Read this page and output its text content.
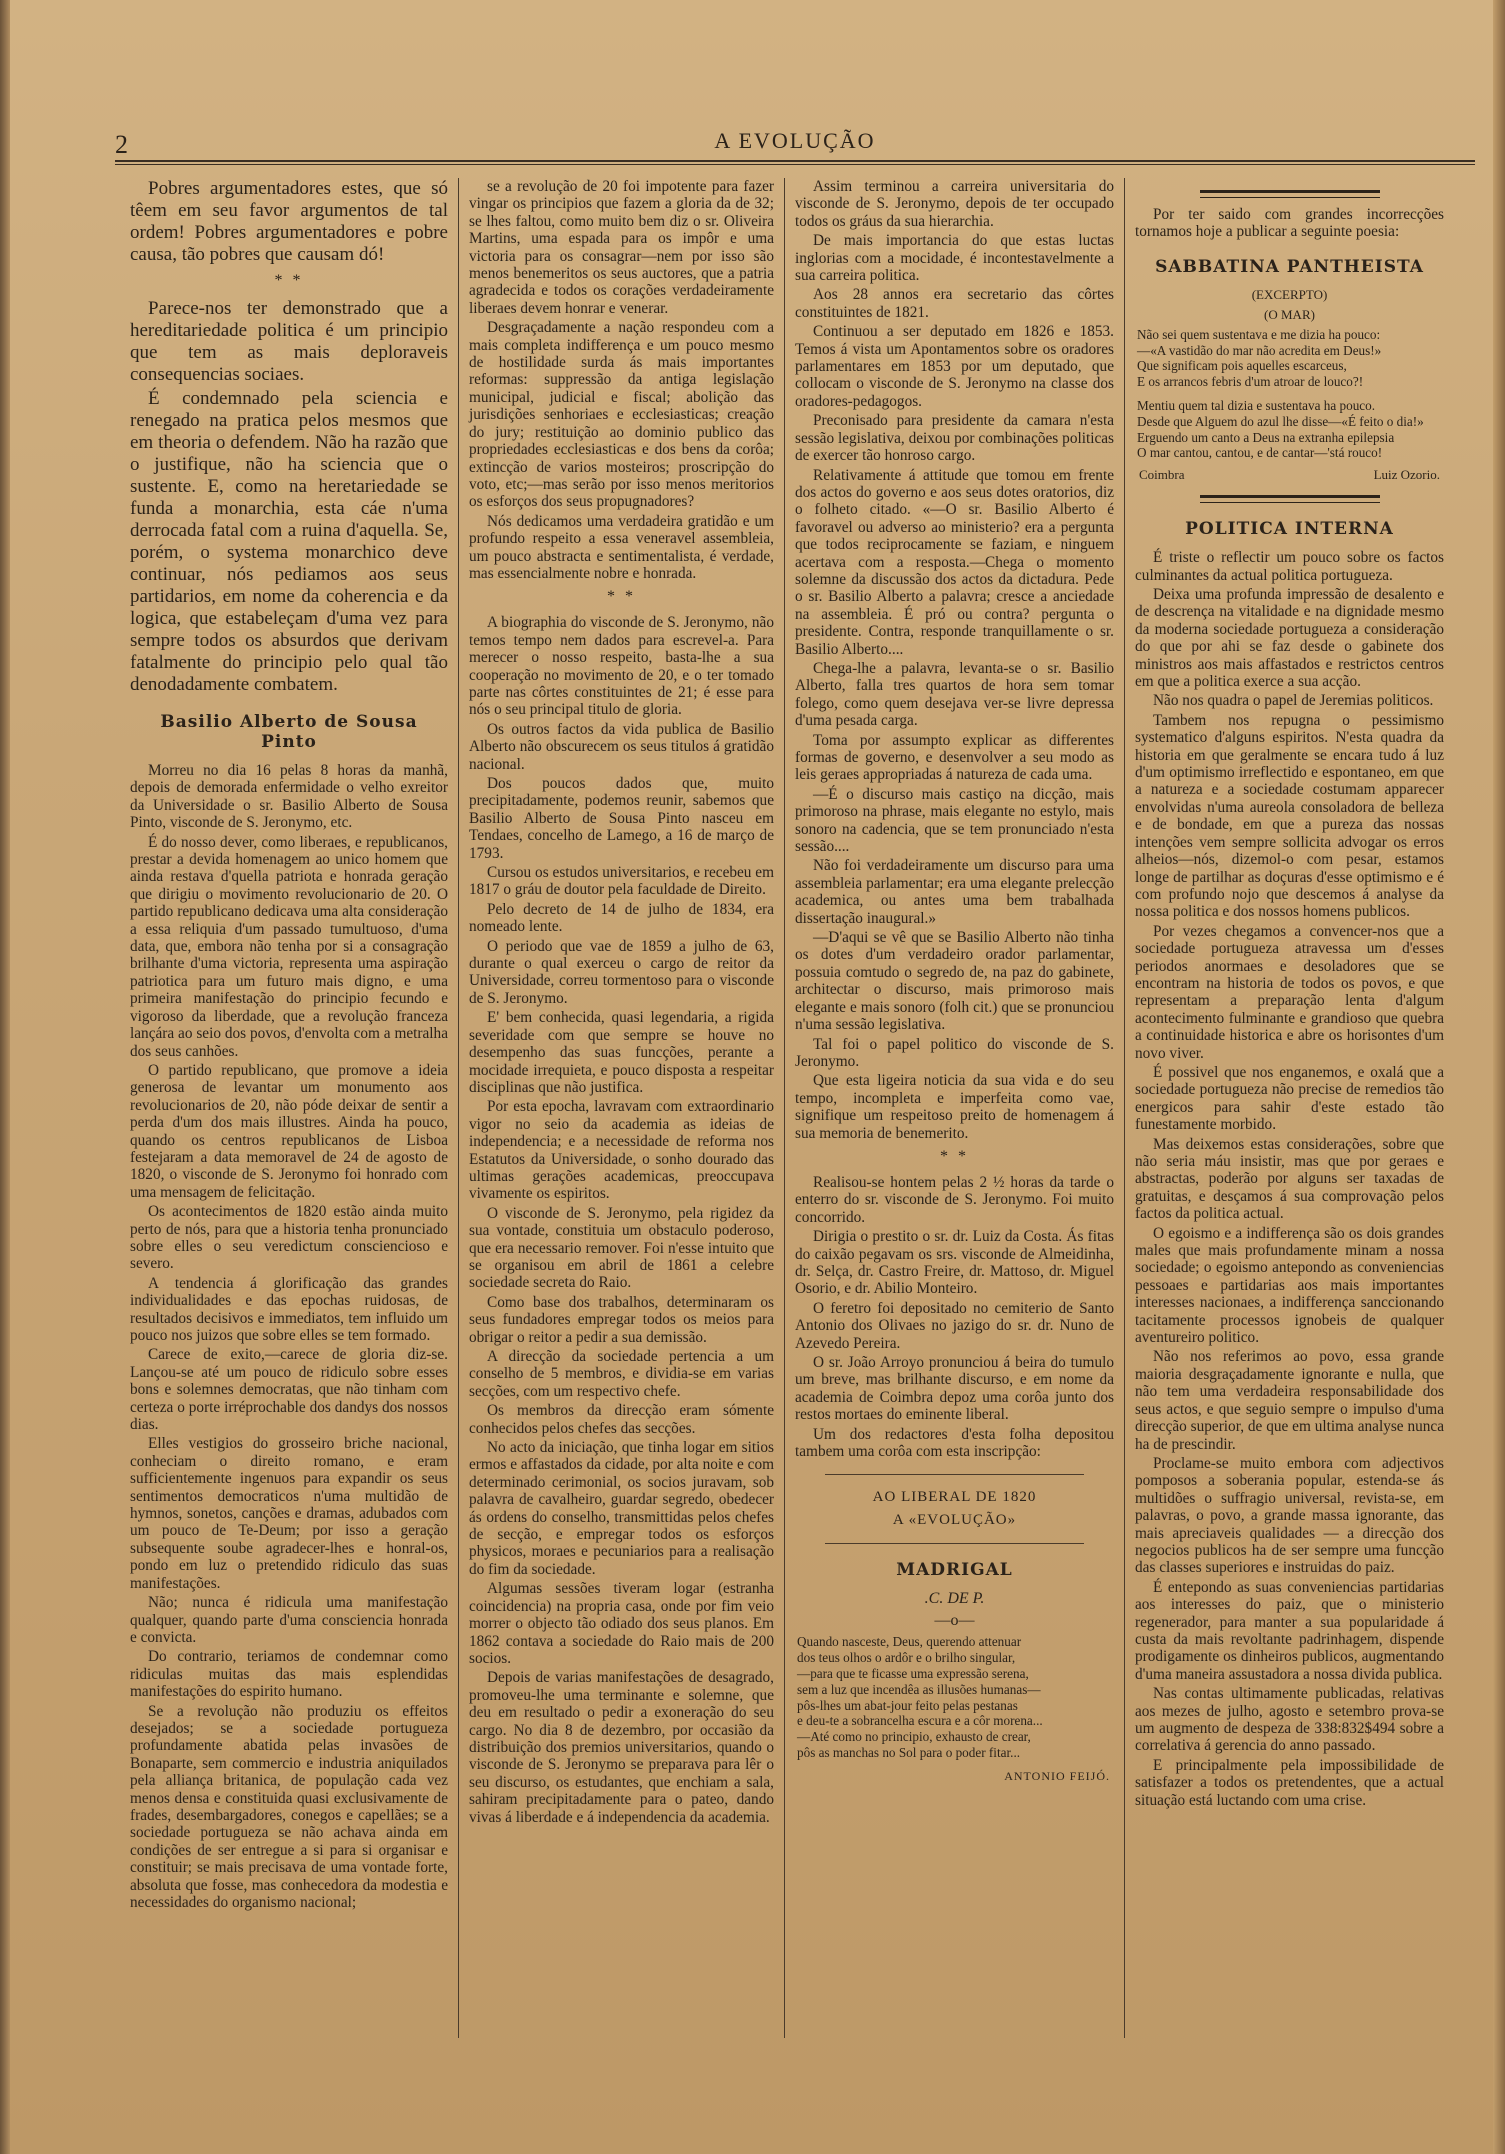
2	A EVOLUÇÃO

Pobres argumentadores estes, que só têem em seu favor argumentos de tal ordem! Pobres argumentadores e pobre causa, tão pobres que causam dó!

* *

Parece-nos ter demonstrado que a hereditariedade politica é um principio que tem as mais deploraveis consequencias sociaes.

É condemnado pela sciencia e renegado na pratica pelos mesmos que em theoria o defendem. Não ha razão que o justifique, não ha sciencia que o sustente. E, como na heretariedade se funda a monarchia, esta cáe n'uma derrocada fatal com a ruina d'aquella. Se, porém, o systema monarchico deve continuar, nós pediamos aos seus partidarios, em nome da coherencia e da logica, que estabeleçam d'uma vez para sempre todos os absurdos que derivam fatalmente do principio pelo qual tão denodadamente combatem.

Basilio Alberto de Sousa Pinto

Morreu no dia 16 pelas 8 horas da manhã, depois de demorada enfermidade o velho exreitor da Universidade o sr. Basilio Alberto de Sousa Pinto, visconde de S. Jeronymo, etc.

É do nosso dever, como liberaes, e republicanos, prestar a devida homenagem ao unico homem que ainda restava d'quella patriota e honrada geração que dirigiu o movimento revolucionario de 20. O partido republicano dedicava uma alta consideração a essa reliquia d'um passado tumultuoso, d'uma data, que, embora não tenha por si a consagração brilhante d'uma victoria, representa uma aspiração patriotica para um futuro mais digno, e uma primeira manifestação do principio fecundo e vigoroso da liberdade, que a revolução franceza lançára ao seio dos povos, d'envolta com a metralha dos seus canhões.

O partido republicano, que promove a ideia generosa de levantar um monumento aos revolucionarios de 20, não póde deixar de sentir a perda d'um dos mais illustres. Ainda ha pouco, quando os centros republicanos de Lisboa festejaram a data memoravel de 24 de agosto de 1820, o visconde de S. Jeronymo foi honrado com uma mensagem de felicitação.

Os acontecimentos de 1820 estão ainda muito perto de nós, para que a historia tenha pronunciado sobre elles o seu veredictum consciencioso e severo.

A tendencia á glorificação das grandes individualidades e das epochas ruidosas, de resultados decisivos e immediatos, tem influido um pouco nos juizos que sobre elles se tem formado.

Carece de exito,—carece de gloria diz-se. Lançou-se até um pouco de ridiculo sobre esses bons e solemnes democratas, que não tinham com certeza o porte irréprochable dos dandys dos nossos dias.

Elles vestigios do grosseiro briche nacional, conheciam o direito romano, e eram sufficientemente ingenuos para expandir os seus sentimentos democraticos n'uma multidão de hymnos, sonetos, canções e dramas, adubados com um pouco de Te-Deum; por isso a geração subsequente soube agradecer-lhes e honral-os, pondo em luz o pretendido ridiculo das suas manifestações.

Não; nunca é ridicula uma manifestação qualquer, quando parte d'uma consciencia honrada e convicta.

Do contrario, teriamos de condemnar como ridiculas muitas das mais esplendidas manifestações do espirito humano.

Se a revolução não produziu os effeitos desejados; se a sociedade portugueza profundamente abatida pelas invasões de Bonaparte, sem commercio e industria aniquilados pela alliança britanica, de população cada vez menos densa e constituida quasi exclusivamente de frades, desembargadores, conegos e capellães; se a sociedade portugueza se não achava ainda em condições de ser entregue a si para si organisar e constituir; se mais precisava de uma vontade forte, absoluta que fosse, mas conhecedora da modestia e necessidades do organismo nacional;

se a revolução de 20 foi impotente para fazer vingar os principios que fazem a gloria da de 32; se lhes faltou, como muito bem diz o sr. Oliveira Martins, uma espada para os impôr e uma victoria para os consagrar—nem por isso são menos benemeritos os seus auctores, que a patria agradecida e todos os corações verdadeiramente liberaes devem honrar e venerar.

Desgraçadamente a nação respondeu com a mais completa indifferença e um pouco mesmo de hostilidade surda ás mais importantes reformas: suppressão da antiga legislação municipal, judicial e fiscal; abolição das jurisdições senhoriaes e ecclesiasticas; creação do jury; restituição ao dominio publico das propriedades ecclesiasticas e dos bens da corôa; extincção de varios mosteiros; proscripção do voto, etc;—mas serão por isso menos meritorios os esforços dos seus propugnadores?

Nós dedicamos uma verdadeira gratidão e um profundo respeito a essa veneravel assembleia, um pouco abstracta e sentimentalista, é verdade, mas essencialmente nobre e honrada.

* *

A biographia do visconde de S. Jeronymo, não temos tempo nem dados para escrevel-a. Para merecer o nosso respeito, basta-lhe a sua cooperação no movimento de 20, e o ter tomado parte nas côrtes constituintes de 21; é esse para nós o seu principal titulo de gloria.

Os outros factos da vida publica de Basilio Alberto não obscurecem os seus titulos á gratidão nacional.

Dos poucos dados que, muito precipitadamente, podemos reunir, sabemos que Basilio Alberto de Sousa Pinto nasceu em Tendaes, concelho de Lamego, a 16 de março de 1793.

Cursou os estudos universitarios, e recebeu em 1817 o gráu de doutor pela faculdade de Direito.

Pelo decreto de 14 de julho de 1834, era nomeado lente.

O periodo que vae de 1859 a julho de 63, durante o qual exerceu o cargo de reitor da Universidade, correu tormentoso para o visconde de S. Jeronymo.

E' bem conhecida, quasi legendaria, a rigida severidade com que sempre se houve no desempenho das suas funcções, perante a mocidade irrequieta, e pouco disposta a respeitar disciplinas que não justifica.

Por esta epocha, lavravam com extraordinario vigor no seio da academia as ideias de independencia; e a necessidade de reforma nos Estatutos da Universidade, o sonho dourado das ultimas gerações academicas, preoccupava vivamente os espiritos.

O visconde de S. Jeronymo, pela rigidez da sua vontade, constituia um obstaculo poderoso, que era necessario remover. Foi n'esse intuito que se organisou em abril de 1861 a celebre sociedade secreta do Raio.

Como base dos trabalhos, determinaram os seus fundadores empregar todos os meios para obrigar o reitor a pedir a sua demissão.

A direcção da sociedade pertencia a um conselho de 5 membros, e dividia-se em varias secções, com um respectivo chefe.

Os membros da direcção eram sómente conhecidos pelos chefes das secções.

No acto da iniciação, que tinha logar em sitios ermos e affastados da cidade, por alta noite e com determinado cerimonial, os socios juravam, sob palavra de cavalheiro, guardar segredo, obedecer ás ordens do conselho, transmittidas pelos chefes de secção, e empregar todos os esforços physicos, moraes e pecuniarios para a realisação do fim da sociedade.

Algumas sessões tiveram logar (estranha coincidencia) na propria casa, onde por fim veio morrer o objecto tão odiado dos seus planos. Em 1862 contava a sociedade do Raio mais de 200 socios.

Depois de varias manifestações de desagrado, promoveu-lhe uma terminante e solemne, que deu em resultado o pedir a exoneração do seu cargo. No dia 8 de dezembro, por occasião da distribuição dos premios universitarios, quando o visconde de S. Jeronymo se preparava para lêr o seu discurso, os estudantes, que enchiam a sala, sahiram precipitadamente para o pateo, dando vivas á liberdade e á independencia da academia.

Assim terminou a carreira universitaria do visconde de S. Jeronymo, depois de ter occupado todos os gráus da sua hierarchia.

De mais importancia do que estas luctas inglorias com a mocidade, é incontestavelmente a sua carreira politica.

Aos 28 annos era secretario das côrtes constituintes de 1821.

Continuou a ser deputado em 1826 e 1853. Temos á vista um Apontamentos sobre os oradores parlamentares em 1853 por um deputado, que collocam o visconde de S. Jeronymo na classe dos oradores-pedagogos.

Preconisado para presidente da camara n'esta sessão legislativa, deixou por combinações politicas de exercer tão honroso cargo.

Relativamente á attitude que tomou em frente dos actos do governo e aos seus dotes oratorios, diz o folheto citado. «—O sr. Basilio Alberto é favoravel ou adverso ao ministerio? era a pergunta que todos reciprocamente se faziam, e ninguem acertava com a resposta.—Chega o momento solemne da discussão dos actos da dictadura. Pede o sr. Basilio Alberto a palavra; cresce a anciedade na assembleia. É pró ou contra? pergunta o presidente. Contra, responde tranquillamente o sr. Basilio Alberto....

Chega-lhe a palavra, levanta-se o sr. Basilio Alberto, falla tres quartos de hora sem tomar folego, como quem desejava ver-se livre depressa d'uma pesada carga.

Toma por assumpto explicar as differentes formas de governo, e desenvolver a seu modo as leis geraes appropriadas á natureza de cada uma.

—É o discurso mais castiço na dicção, mais primoroso na phrase, mais elegante no estylo, mais sonoro na cadencia, que se tem pronunciado n'esta sessão....

Não foi verdadeiramente um discurso para uma assembleia parlamentar; era uma elegante prelecção academica, ou antes uma bem trabalhada dissertação inaugural.»

—D'aqui se vê que se Basilio Alberto não tinha os dotes d'um verdadeiro orador parlamentar, possuia comtudo o segredo de, na paz do gabinete, architectar o discurso, mais primoroso mais elegante e mais sonoro (folh cit.) que se pronunciou n'uma sessão legislativa.

Tal foi o papel politico do visconde de S. Jeronymo.

Que esta ligeira noticia da sua vida e do seu tempo, incompleta e imperfeita como vae, signifique um respeitoso preito de homenagem á sua memoria de benemerito.

* *

Realisou-se hontem pelas 2 ½ horas da tarde o enterro do sr. visconde de S. Jeronymo. Foi muito concorrido.

Dirigia o prestito o sr. dr. Luiz da Costa. Ás fitas do caixão pegavam os srs. visconde de Almeidinha, dr. Selça, dr. Castro Freire, dr. Mattoso, dr. Miguel Osorio, e dr. Abilio Monteiro.

O feretro foi depositado no cemiterio de Santo Antonio dos Olivaes no jazigo do sr. dr. Nuno de Azevedo Pereira.

O sr. João Arroyo pronunciou á beira do tumulo um breve, mas brilhante discurso, e em nome da academia de Coimbra depoz uma corôa junto dos restos mortaes do eminente liberal.

Um dos redactores d'esta folha depositou tambem uma corôa com esta inscripção:

AO LIBERAL DE 1820
A «EVOLUÇÃO»
MADRIGAL
.C. DE P.
—o—
Quando nasceste, Deus, querendo attenuar
dos teus olhos o ardôr e o brilho singular,
—para que te ficasse uma expressão serena,
sem a luz que incendêa as illusões humanas—
pôs-lhes um abat-jour feito pelas pestanas
e deu-te a sobrancelha escura e a côr morena...
—Até como no principio, exhausto de crear,
pôs as manchas no Sol para o poder fitar...
ANTONIO FEIJÓ.

Por ter saido com grandes incorrecções tornamos hoje a publicar a seguinte poesia:

SABBATINA PANTHEISTA
(EXCERPTO)
(O MAR)
Não sei quem sustentava e me dizia ha pouco:
—«A vastidão do mar não acredita em Deus!»
Que significam pois aquelles escarceus,
E os arrancos febris d'um atroar de louco?!
Mentiu quem tal dizia e sustentava ha pouco.
Desde que Alguem do azul lhe disse—«É feito o dia!»
Erguendo um canto a Deus na extranha epilepsia
O mar cantou, cantou, e de cantar—'stá rouco!
Coimbra	Luiz Ozorio.
POLITICA INTERNA

É triste o reflectir um pouco sobre os factos culminantes da actual politica portugueza.

Deixa uma profunda impressão de desalento e de descrença na vitalidade e na dignidade mesmo da moderna sociedade portugueza a consideração do que por ahi se faz desde o gabinete dos ministros aos mais affastados e restrictos centros em que a politica exerce a sua acção.

Não nos quadra o papel de Jeremias politicos.

Tambem nos repugna o pessimismo systematico d'alguns espiritos. N'esta quadra da historia em que geralmente se encara tudo á luz d'um optimismo irreflectido e espontaneo, em que a natureza e a sociedade costumam apparecer envolvidas n'uma aureola consoladora de belleza e de bondade, em que a pureza das nossas intenções vem sempre sollicita advogar os erros alheios—nós, dizemol-o com pesar, estamos longe de partilhar as doçuras d'esse optimismo e é com profundo nojo que descemos á analyse da nossa politica e dos nossos homens publicos.

Por vezes chegamos a convencer-nos que a sociedade portugueza atravessa um d'esses periodos anormaes e desoladores que se encontram na historia de todos os povos, e que representam a preparação lenta d'algum acontecimento fulminante e grandioso que quebra a continuidade historica e abre os horisontes d'um novo viver.

É possivel que nos enganemos, e oxalá que a sociedade portugueza não precise de remedios tão energicos para sahir d'este estado tão funestamente morbido.

Mas deixemos estas considerações, sobre que não seria máu insistir, mas que por geraes e abstractas, poderão por alguns ser taxadas de gratuitas, e desçamos á sua comprovação pelos factos da politica actual.

O egoismo e a indifferença são os dois grandes males que mais profundamente minam a nossa sociedade; o egoismo antepondo as conveniencias pessoaes e partidarias aos mais importantes interesses nacionaes, a indifferença sanccionando tacitamente processos ignobeis de qualquer aventureiro politico.

Não nos referimos ao povo, essa grande maioria desgraçadamente ignorante e nulla, que não tem uma verdadeira responsabilidade dos seus actos, e que seguio sempre o impulso d'uma direcção superior, de que em ultima analyse nunca ha de prescindir.

Proclame-se muito embora com adjectivos pomposos a soberania popular, estenda-se ás multidões o suffragio universal, revista-se, em palavras, o povo, a grande massa ignorante, das mais apreciaveis qualidades — a direcção dos negocios publicos ha de ser sempre uma funcção das classes superiores e instruidas do paiz.

É entepondo as suas conveniencias partidarias aos interesses do paiz, que o ministerio regenerador, para manter a sua popularidade á custa da mais revoltante padrinhagem, dispende prodigamente os dinheiros publicos, augmentando d'uma maneira assustadora a nossa divida publica.

Nas contas ultimamente publicadas, relativas aos mezes de julho, agosto e setembro prova-se um augmento de despeza de 338:832$494 sobre a correlativa á gerencia do anno passado.

E principalmente pela impossibilidade de satisfazer a todos os pretendentes, que a actual situação está luctando com uma crise.
